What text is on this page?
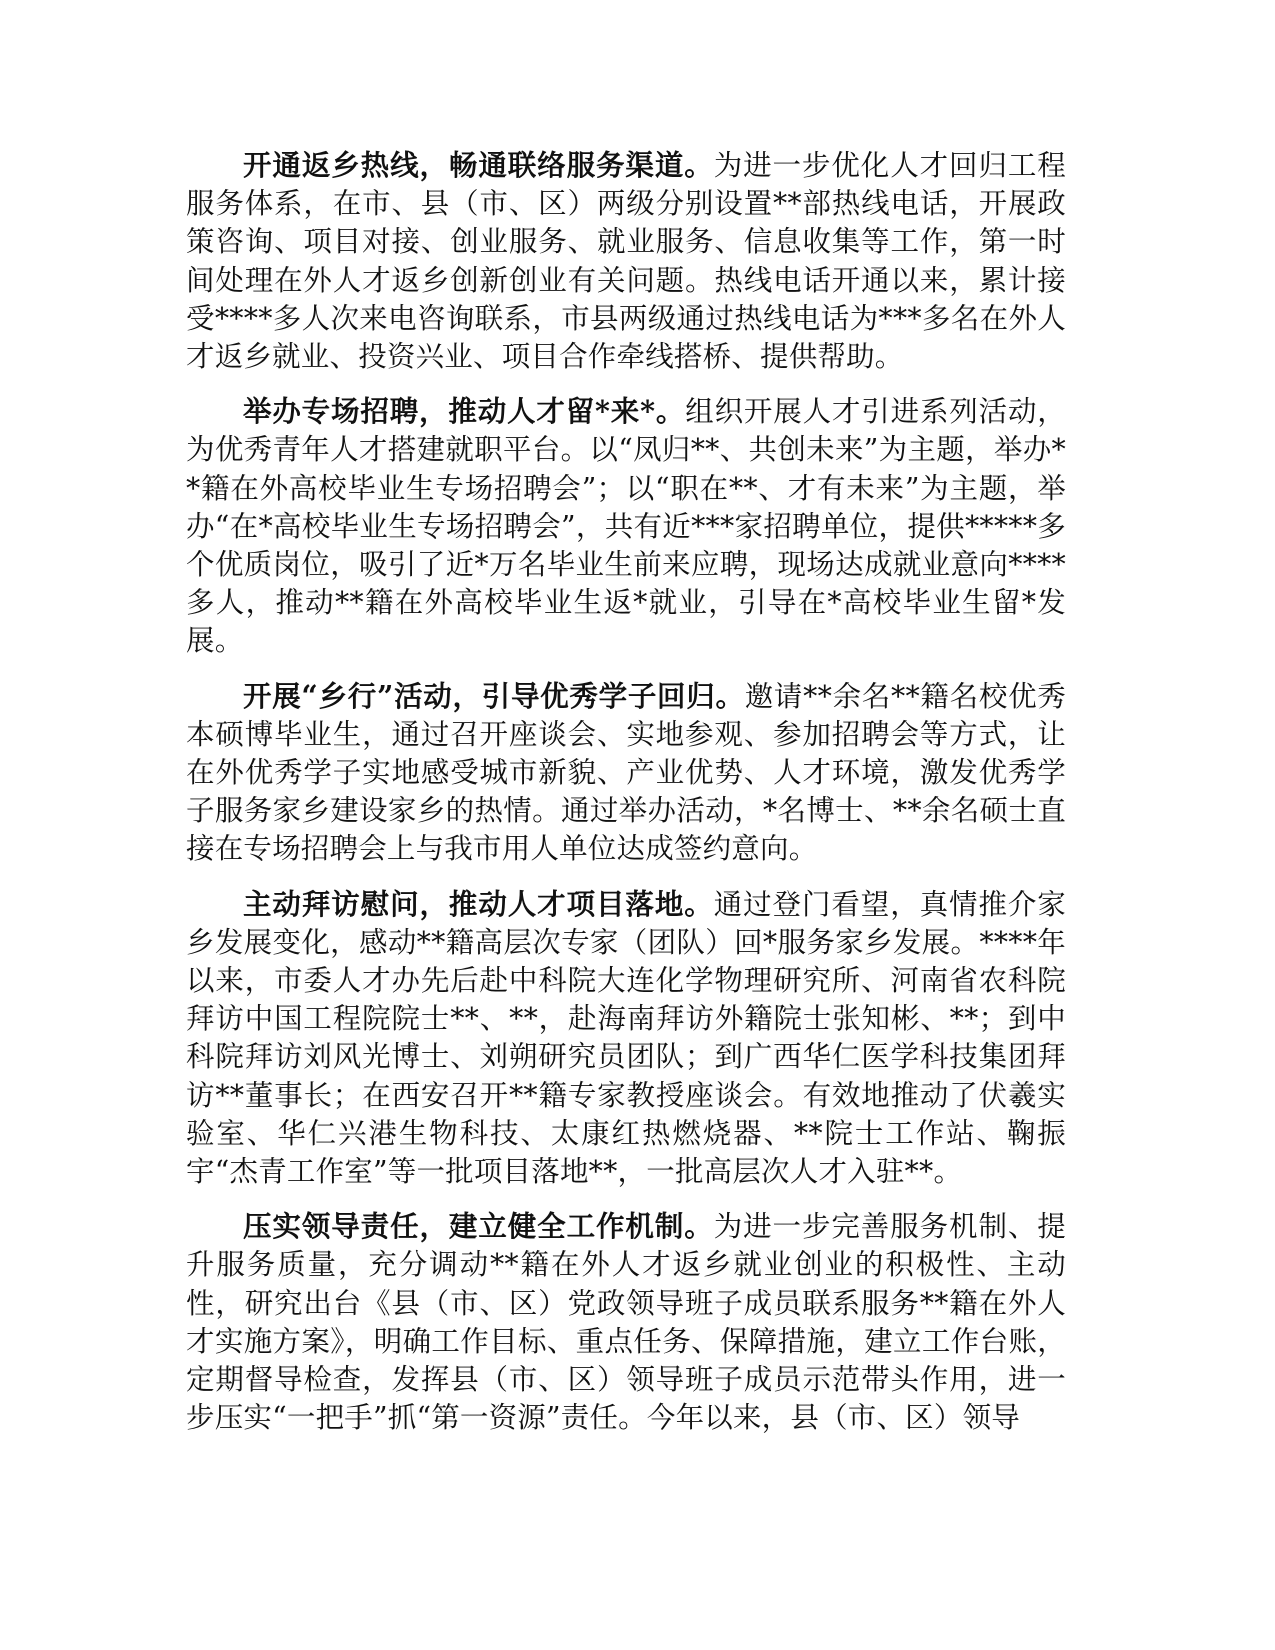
开通返乡热线，畅通联络服务渠道。为进一步优化人才回归工程服务体系，在市、县（市、区）两级分别设置**部热线电话，开展政策咨询、项目对接、创业服务、就业服务、信息收集等工作，第一时间处理在外人才返乡创新创业有关问题。热线电话开通以来，累计接受****多人次来电咨询联系，市县两级通过热线电话为***多名在外人才返乡就业、投资兴业、项目合作牵线搭桥、提供帮助。

举办专场招聘，推动人才留*来*。组织开展人才引进系列活动，为优秀青年人才搭建就职平台。以“凤归**、共创未来”为主题，举办**籍在外高校毕业生专场招聘会”；以“职在**、才有未来”为主题，举办“在*高校毕业生专场招聘会”，共有近***家招聘单位，提供*****多个优质岗位，吸引了近*万名毕业生前来应聘，现场达成就业意向****多人，推动**籍在外高校毕业生返*就业，引导在*高校毕业生留*发展。

开展“乡行”活动，引导优秀学子回归。邀请**余名**籍名校优秀本硕博毕业生，通过召开座谈会、实地参观、参加招聘会等方式，让在外优秀学子实地感受城市新貌、产业优势、人才环境，激发优秀学子服务家乡建设家乡的热情。通过举办活动，*名博士、**余名硕士直接在专场招聘会上与我市用人单位达成签约意向。

主动拜访慰问，推动人才项目落地。通过登门看望，真情推介家乡发展变化，感动**籍高层次专家（团队）回*服务家乡发展。****年以来，市委人才办先后赴中科院大连化学物理研究所、河南省农科院拜访中国工程院院士**、**，赴海南拜访外籍院士张知彬、**；到中科院拜访刘风光博士、刘朔研究员团队；到广西华仁医学科技集团拜访**董事长；在西安召开**籍专家教授座谈会。有效地推动了伏羲实验室、华仁兴港生物科技、太康红热燃烧器、**院士工作站、鞠振宇“杰青工作室”等一批项目落地**，一批高层次人才入驻**。

压实领导责任，建立健全工作机制。为进一步完善服务机制、提升服务质量，充分调动**籍在外人才返乡就业创业的积极性、主动性，研究出台《县（市、区）党政领导班子成员联系服务**籍在外人才实施方案》，明确工作目标、重点任务、保障措施，建立工作台账，定期督导检查，发挥县（市、区）领导班子成员示范带头作用，进一步压实“一把手”抓“第一资源”责任。今年以来，县（市、区）领导
